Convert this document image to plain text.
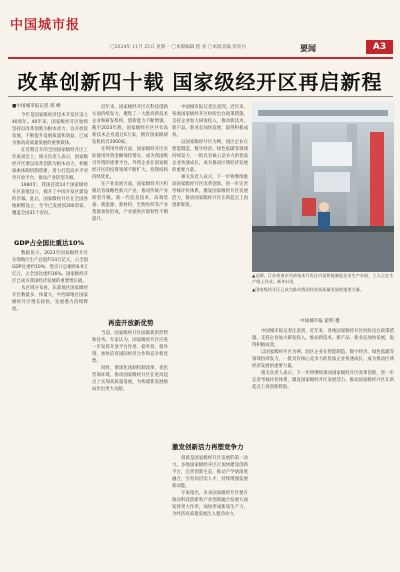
中国城市报
〇2024年 11月 25日 星期一 〇本版编辑 程 亮 〇本版美编 彭钦丹	要闻	A3
改革创新四十载 国家级经开区再启新程
■中国城市报记者 邢 峰

今年是国家级经济技术开发区设立40周年。40年来，国家级经开区始终坚持以改革创新为根本动力，以开放促发展，不断提升发展质量和效益，已成为推动高质量发展的重要载体。

在近期召开的全国国家级经开区工作座谈会上，相关负责人表示，国家级经开区要以改革创新为根本动力，积极探索体制机制创新，着力打造高水平对外开放平台，推动产业转型升级。

1984年，我国首批14个国家级经开区获批设立，揭开了中国开发区建设的序幕。此后，国家级经开区在全国各地相继设立，至今已发展到200余家，覆盖全国31个省份。

GDP占全国比重达10%

数据显示，2023年国家级经开区实现地区生产总值约14万亿元，占全国GDP比重约10%；进出口总额约6.9万亿元，占全国比重约16%。国家级经开区已成为我国经济发展的重要增长极。

从区域分布看，东部地区国家级经开区数量多、体量大，中西部地区国家级经开区增长较快，发展潜力持续释放。

近年来，国家级经开区在科技创新方面持续发力，聚集了一大批高新技术企业和研发机构，创新能力不断增强。截至2023年底，国家级经开区共有高新技术企业超过6万家，拥有国家级研发机构近2000家。

在利用外资方面，国家级经开区实际使用外资金额保持增长，成为我国吸引外资的重要平台。外资企业在国家级经开区的投资领域不断扩大，投资结构持续优化。

在产业发展方面，国家级经开区积极培育战略性新兴产业，推动传统产业转型升级。新一代信息技术、高端装备、新能源、新材料、生物医药等产业集群加快形成，产业链供应链韧性不断提升。

再造开放新优势

当前，国家级经开区面临新的形势和任务。专家认为，国家级经开区应进一步发挥开放平台作用，稳外贸、稳外资，加快培育国际经济合作和竞争新优势。

同时，要深化体制机制改革，优化营商环境，推动国家级经开区在更高起点上实现高质量发展，为构建新发展格局作出更大贡献。

中国城市报记者注意到，近年来，各地国家级经开区纷纷出台政策措施，支持企业加大研发投入，推动新技术、新产品、新业态加快发展，取得积极成效。

以国家级经开区为例，园区企业在智能制造、数字经济、绿色低碳等领域持续发力，一批具有核心竞争力的优质企业快速成长，成为推动区域经济发展的重要力量。

相关负责人表示，下一步将继续推动国家级经开区改革创新，进一步完善考核评价体系，激发国家级经开区发展活力，推动国家级经开区在新起点上再创新辉煌。

激发创新活力再塑竞争力

创新是国家级经开区发展的第一动力。多地国家级经开区正加快建设创新平台，完善创新生态，推动产学研深度融合，引育高层次人才，持续增强发展新动能。

专家指出，未来国家级经开区要在推动科技创新和产业创新融合发展方面发挥更大作用，加快形成新质生产力，为经济高质量发展注入强劲动力。

▲近期，江苏省南京经济技术开发区内某智能制造企业生产车间，工人正在生产线上作业。新华社发
▲国家级经开区已成为推动我国经济高质量发展的重要力量。
中国城市报 霍明 摄

中国城市报记者注意到，近年来，各地国家级经开区纷纷出台政策措施，支持企业加大研发投入，推动新技术、新产品、新业态加快发展，取得积极成效。

以国家级经开区为例，园区企业在智能制造、数字经济、绿色低碳等领域持续发力，一批具有核心竞争力的优质企业快速成长，成为推动区域经济发展的重要力量。

相关负责人表示，下一步将继续推动国家级经开区改革创新，进一步完善考核评价体系，激发国家级经开区发展活力，推动国家级经开区在新起点上再创新辉煌。
